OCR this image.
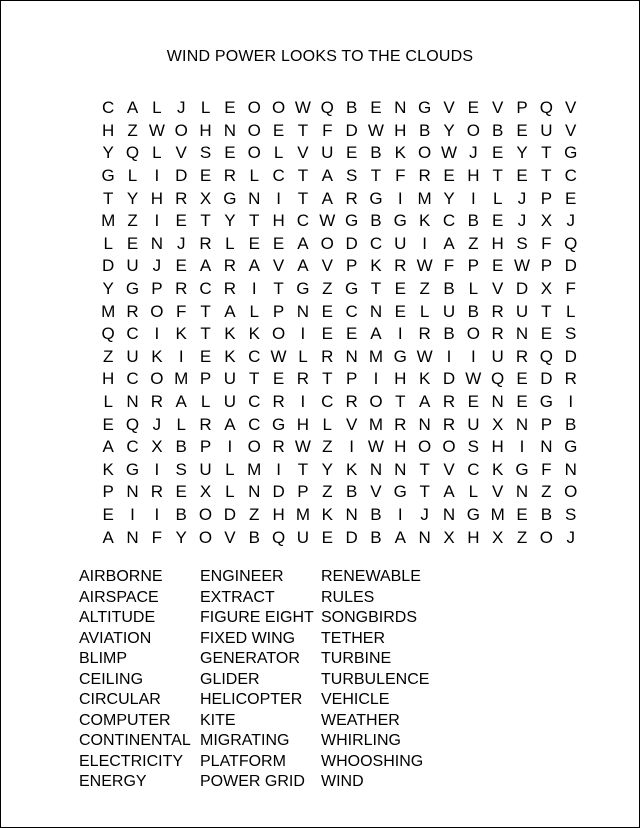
WIND POWER LOOKS TO THE CLOUDS
C A L J L E O O W Q B E N G V E V P Q V
H Z W O H N O E T F D W H B Y O B E U V
Y Q L V S E O L V U E B K O W J E Y T G
G L	I D E R L C T A S T F R E H T E T C
T Y H R X G N I T A R G I M Y I	L J P E
M Z I E T Y T H C W G B G K C B E J X J
L E N J R L E E A O D C U I A Z H S F Q
D U J E A R A V A V P K R W F P E W P D
Y G P R C R I T G Z G T E Z B L V D X F
M R O F T A L P N E C N E L U B R U T L
Q C I K T K K O I E E A I R B O R N E S
Z U K I E K C W L R N M G W I	I U R Q D
H C O M P U T E R T P I H K D W Q E D R
L N R A L U C R I C R O T A R E N E G I
E Q J L R A C G H L V M R N R U X N P B
A C X B P I O R W Z I W H O O S H I N G
K G I S U L M I T Y K N N T V C K G F N
P N R E X L N D P Z B V G T A L V N Z O
E I	I B O D Z H M K N B I	J N G M E B S
A N F Y O V B Q U E D B A N X H X Z O J
AIRBORNE
AIRSPACE
ALTITUDE
AVIATION
BLIMP
CEILING
CIRCULAR
COMPUTER
CONTINENTAL
ELECTRICITY
ENERGY
ENGINEER
EXTRACT
FIGURE EIGHT
FIXED WING
GENERATOR
GLIDER
HELICOPTER
KITE
MIGRATING
PLATFORM
POWER GRID
RENEWABLE
RULES
SONGBIRDS
TETHER
TURBINE
TURBULENCE
VEHICLE
WEATHER
WHIRLING
WHOOSHING
WIND
